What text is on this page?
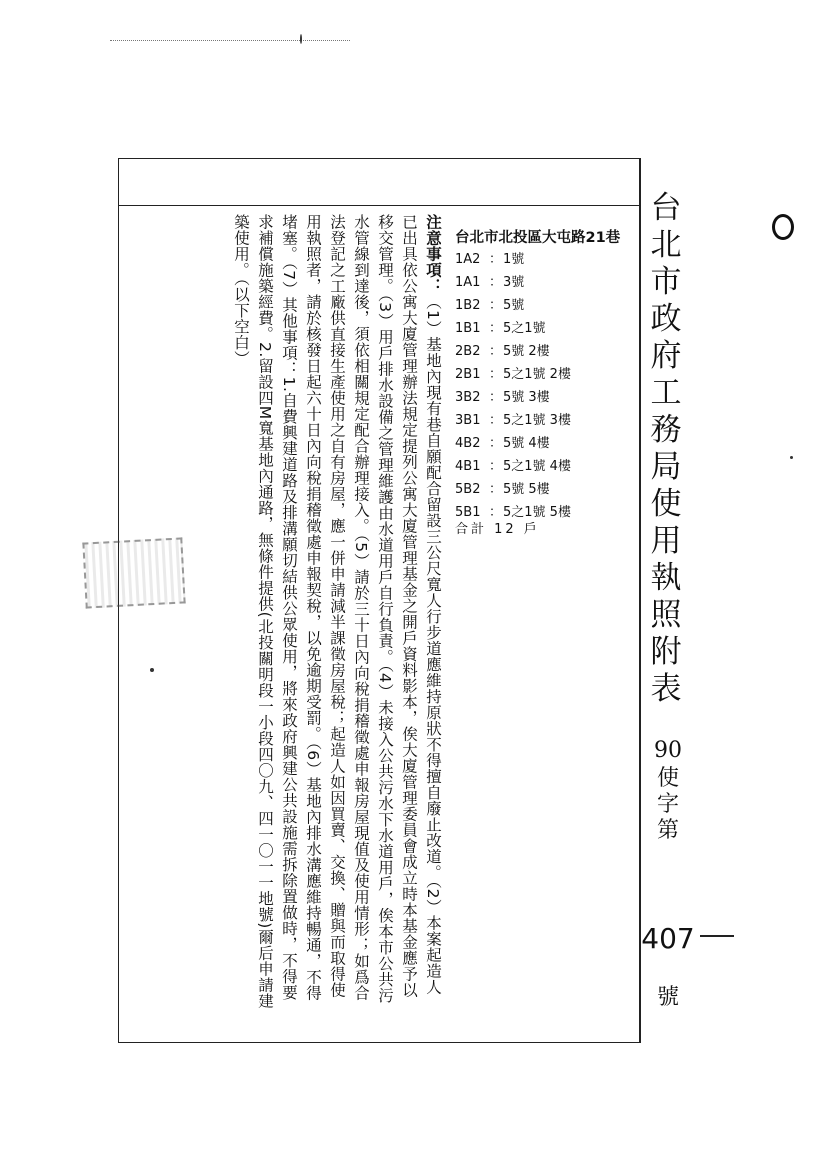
台
北
市
政
府
工
務
局
使
用
執
照
附
表
90
使
字
第
407
號
台北市北投區大屯路21巷
1A2 ：1號
1A1 ：3號
1B2 ：5號
1B1 ：5之1號
2B2 ：5號 2樓
2B1 ：5之1號 2樓
3B2 ：5號 3樓
3B1 ：5之1號 3樓
4B2 ：5號 4樓
4B1 ：5之1號 4樓
5B2 ：5號 5樓
5B1 ：5之1號 5樓
合計 12 戶

注意事項：（1）基地內現有巷自願配合留設三公尺寬人行步道應維持原狀不得擅自廢止改道。（2）本案起造人已出具依公寓大廈管理辦法規定提列公寓大廈管理基金之開戶資料影本，俟大廈管理委員會成立時本基金應予以移交管理。（3）用戶排水設備之管理維護由水道用戶自行負責。（4）未接入公共污水下水道用戶，俟本市公共污水管線到達後，須依相關規定配合辦理接入。（5）請於三十日內向稅捐稽徵處申報房屋現值及使用情形；如爲合法登記之工廠供直接生產使用之自有房屋，應一併申請減半課徵房屋稅；起造人如因買賣、交換、贈與而取得使用執照者，請於核發日起六十日內向稅捐稽徵處申報契稅，以免逾期受罰。（6）基地內排水溝應維持暢通，不得堵塞。（7）其他事項：1.自費興建道路及排溝願切結供公眾使用，將來政府興建公共設施需拆除置做時，不得要求補償施築經費。2.留設四M寬基地內通路，無條件提供(北投關明段一小段四〇九、四一〇一一地號)爾后申請建築使用。（以下空白）
